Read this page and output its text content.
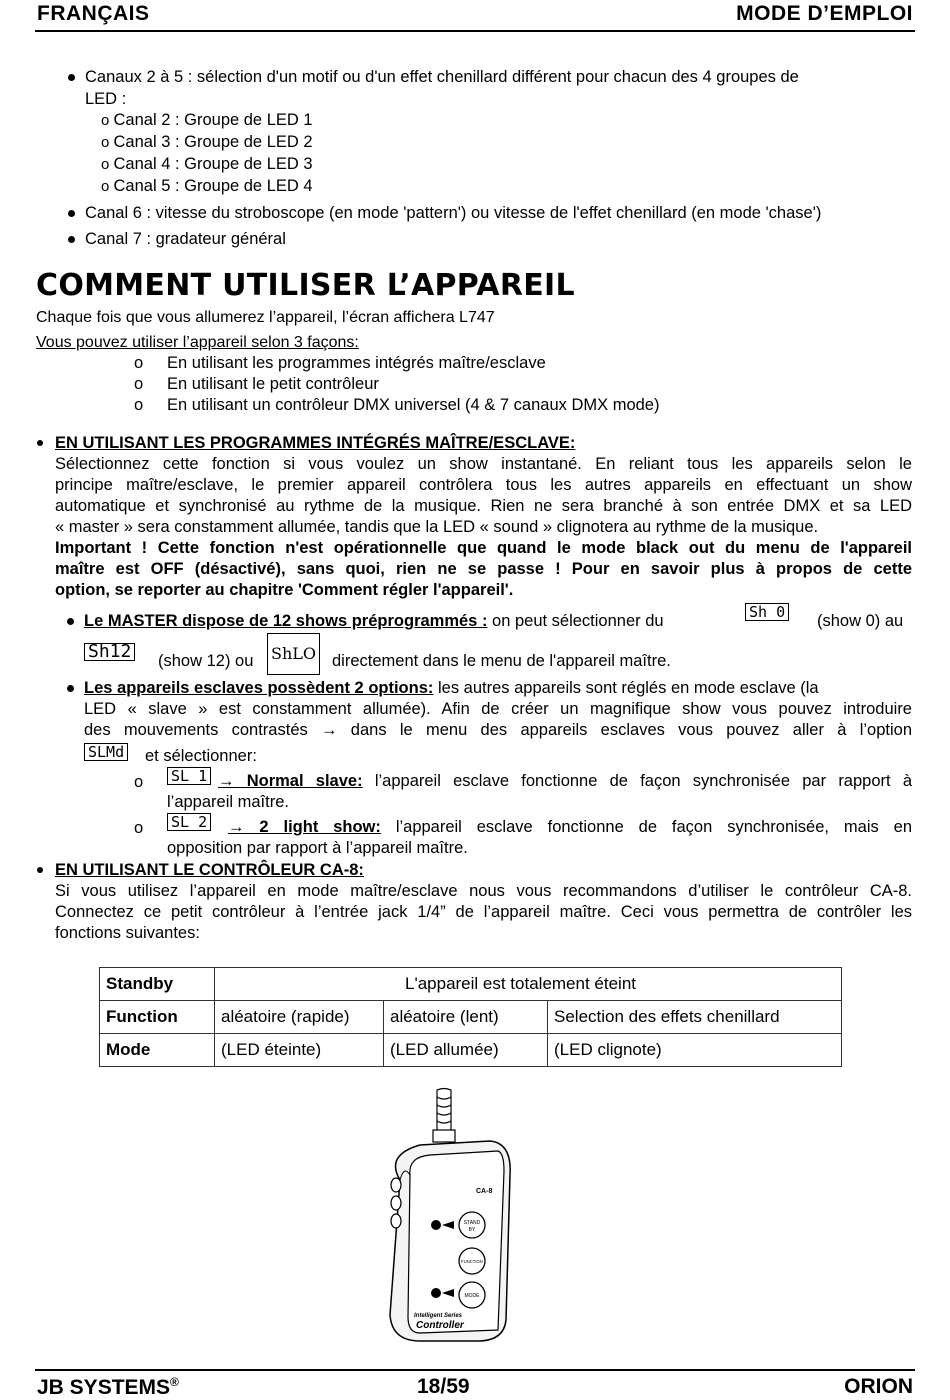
FRANÇAIS	MODE D’EMPLOI
Canaux 2 à 5 : sélection d'un motif ou d'un effet chenillard différent pour chacun des 4 groupes de
LED :
o Canal 2 : Groupe de LED 1
o Canal 3 : Groupe de LED 2
o Canal 4 : Groupe de LED 3
o Canal 5 : Groupe de LED 4
Canal 6 : vitesse du stroboscope (en mode 'pattern') ou vitesse de l'effet chenillard (en mode 'chase')
Canal 7 : gradateur général
COMMENT UTILISER L’APPAREIL
Chaque fois que vous allumerez l’appareil, l’écran affichera L747
Vous pouvez utiliser l’appareil selon 3 façons:
o En utilisant les programmes intégrés maître/esclave
o En utilisant le petit contrôleur
o En utilisant un contrôleur DMX universel (4 & 7 canaux DMX mode)
EN UTILISANT LES PROGRAMMES INTÉGRÉS MAÎTRE/ESCLAVE:
Sélectionnez cette fonction si vous voulez un show instantané. En reliant tous les appareils selon le
principe maître/esclave, le premier appareil contrôlera tous les autres appareils en effectuant un show
automatique et synchronisé au rythme de la musique. Rien ne sera branché à son entrée DMX et sa LED
« master » sera constamment allumée, tandis que la LED « sound » clignotera au rythme de la musique.
Important ! Cette fonction n'est opérationnelle que quand le mode black out du menu de l'appareil
maître est OFF (désactivé), sans quoi, rien ne se passe ! Pour en savoir plus à propos de cette
option, se reporter au chapitre 'Comment régler l'appareil'.
Le MASTER dispose de 12 shows préprogrammés : on peut sélectionner du	Sh 0 (show 0) au
Sh12 (show 12) ou ShLO directement dans le menu de l'appareil maître.
Les appareils esclaves possèdent 2 options: les autres appareils sont réglés en mode esclave (la
LED « slave » est constamment allumée). Afin de créer un magnifique show vous pouvez introduire
des mouvements contrastés → dans le menu des appareils esclaves vous pouvez aller à l’option
SLMd et sélectionner:
o SL 1 → Normal slave: l’appareil esclave fonctionne de façon synchronisée par rapport à
l’appareil maître.
o SL 2 → 2 light show: l’appareil esclave fonctionne de façon synchronisée, mais en
opposition par rapport à l’appareil maître.
EN UTILISANT LE CONTRÔLEUR CA-8:
Si vous utilisez l’appareil en mode maître/esclave nous vous recommandons d’utiliser le contrôleur CA-8.
Connectez ce petit contrôleur à l’entrée jack 1/4” de l’appareil maître. Ceci vous permettra de contrôler les
fonctions suivantes:
Standby	L'appareil est totalement éteint		
Function	aléatoire (rapide)	aléatoire (lent)	Selection des effets chenillard
Mode	(LED éteinte)	(LED allumée)	(LED clignote)
CA-8
STAND
BY
FUNCTION
MODE
Intelligent Series
Controller
JB SYSTEMS®	18/59	ORION
